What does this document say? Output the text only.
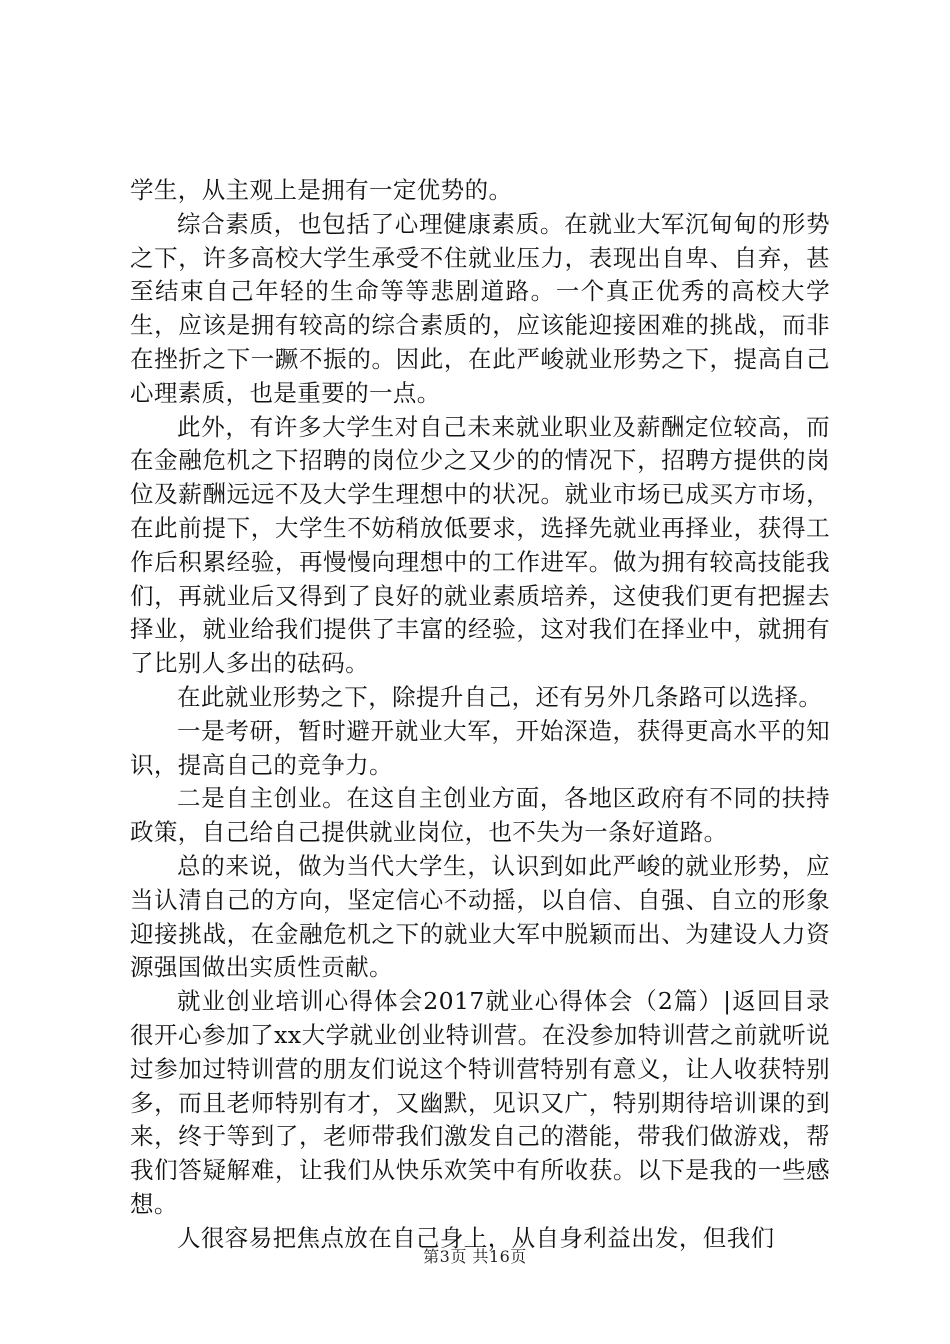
学生，从主观上是拥有一定优势的。

综合素质，也包括了心理健康素质。在就业大军沉甸甸的形势之下，许多高校大学生承受不住就业压力，表现出自卑、自弃，甚至结束自己年轻的生命等等悲剧道路。一个真正优秀的高校大学生，应该是拥有较高的综合素质的，应该能迎接困难的挑战，而非在挫折之下一蹶不振的。因此，在此严峻就业形势之下，提高自己心理素质，也是重要的一点。

此外，有许多大学生对自己未来就业职业及薪酬定位较高，而在金融危机之下招聘的岗位少之又少的的情况下，招聘方提供的岗位及薪酬远远不及大学生理想中的状况。就业市场已成买方市场，在此前提下，大学生不妨稍放低要求，选择先就业再择业，获得工作后积累经验，再慢慢向理想中的工作进军。做为拥有较高技能我们，再就业后又得到了良好的就业素质培养，这使我们更有把握去择业，就业给我们提供了丰富的经验，这对我们在择业中，就拥有了比别人多出的砝码。

在此就业形势之下，除提升自己，还有另外几条路可以选择。

一是考研，暂时避开就业大军，开始深造，获得更高水平的知识，提高自己的竞争力。

二是自主创业。在这自主创业方面，各地区政府有不同的扶持政策，自己给自己提供就业岗位，也不失为一条好道路。

总的来说，做为当代大学生，认识到如此严峻的就业形势，应当认清自己的方向，坚定信心不动摇，以自信、自强、自立的形象迎接挑战，在金融危机之下的就业大军中脱颖而出、为建设人力资源强国做出实质性贡献。

就业创业培训心得体会2017就业心得体会（2篇）|返回目录很开心参加了xx大学就业创业特训营。在没参加特训营之前就听说过参加过特训营的朋友们说这个特训营特别有意义，让人收获特别多，而且老师特别有才，又幽默，见识又广，特别期待培训课的到来，终于等到了，老师带我们激发自己的潜能，带我们做游戏，帮我们答疑解难，让我们从快乐欢笑中有所收获。以下是我的一些感想。

人很容易把焦点放在自己身上，从自身利益出发，但我们

第3页 共16页
